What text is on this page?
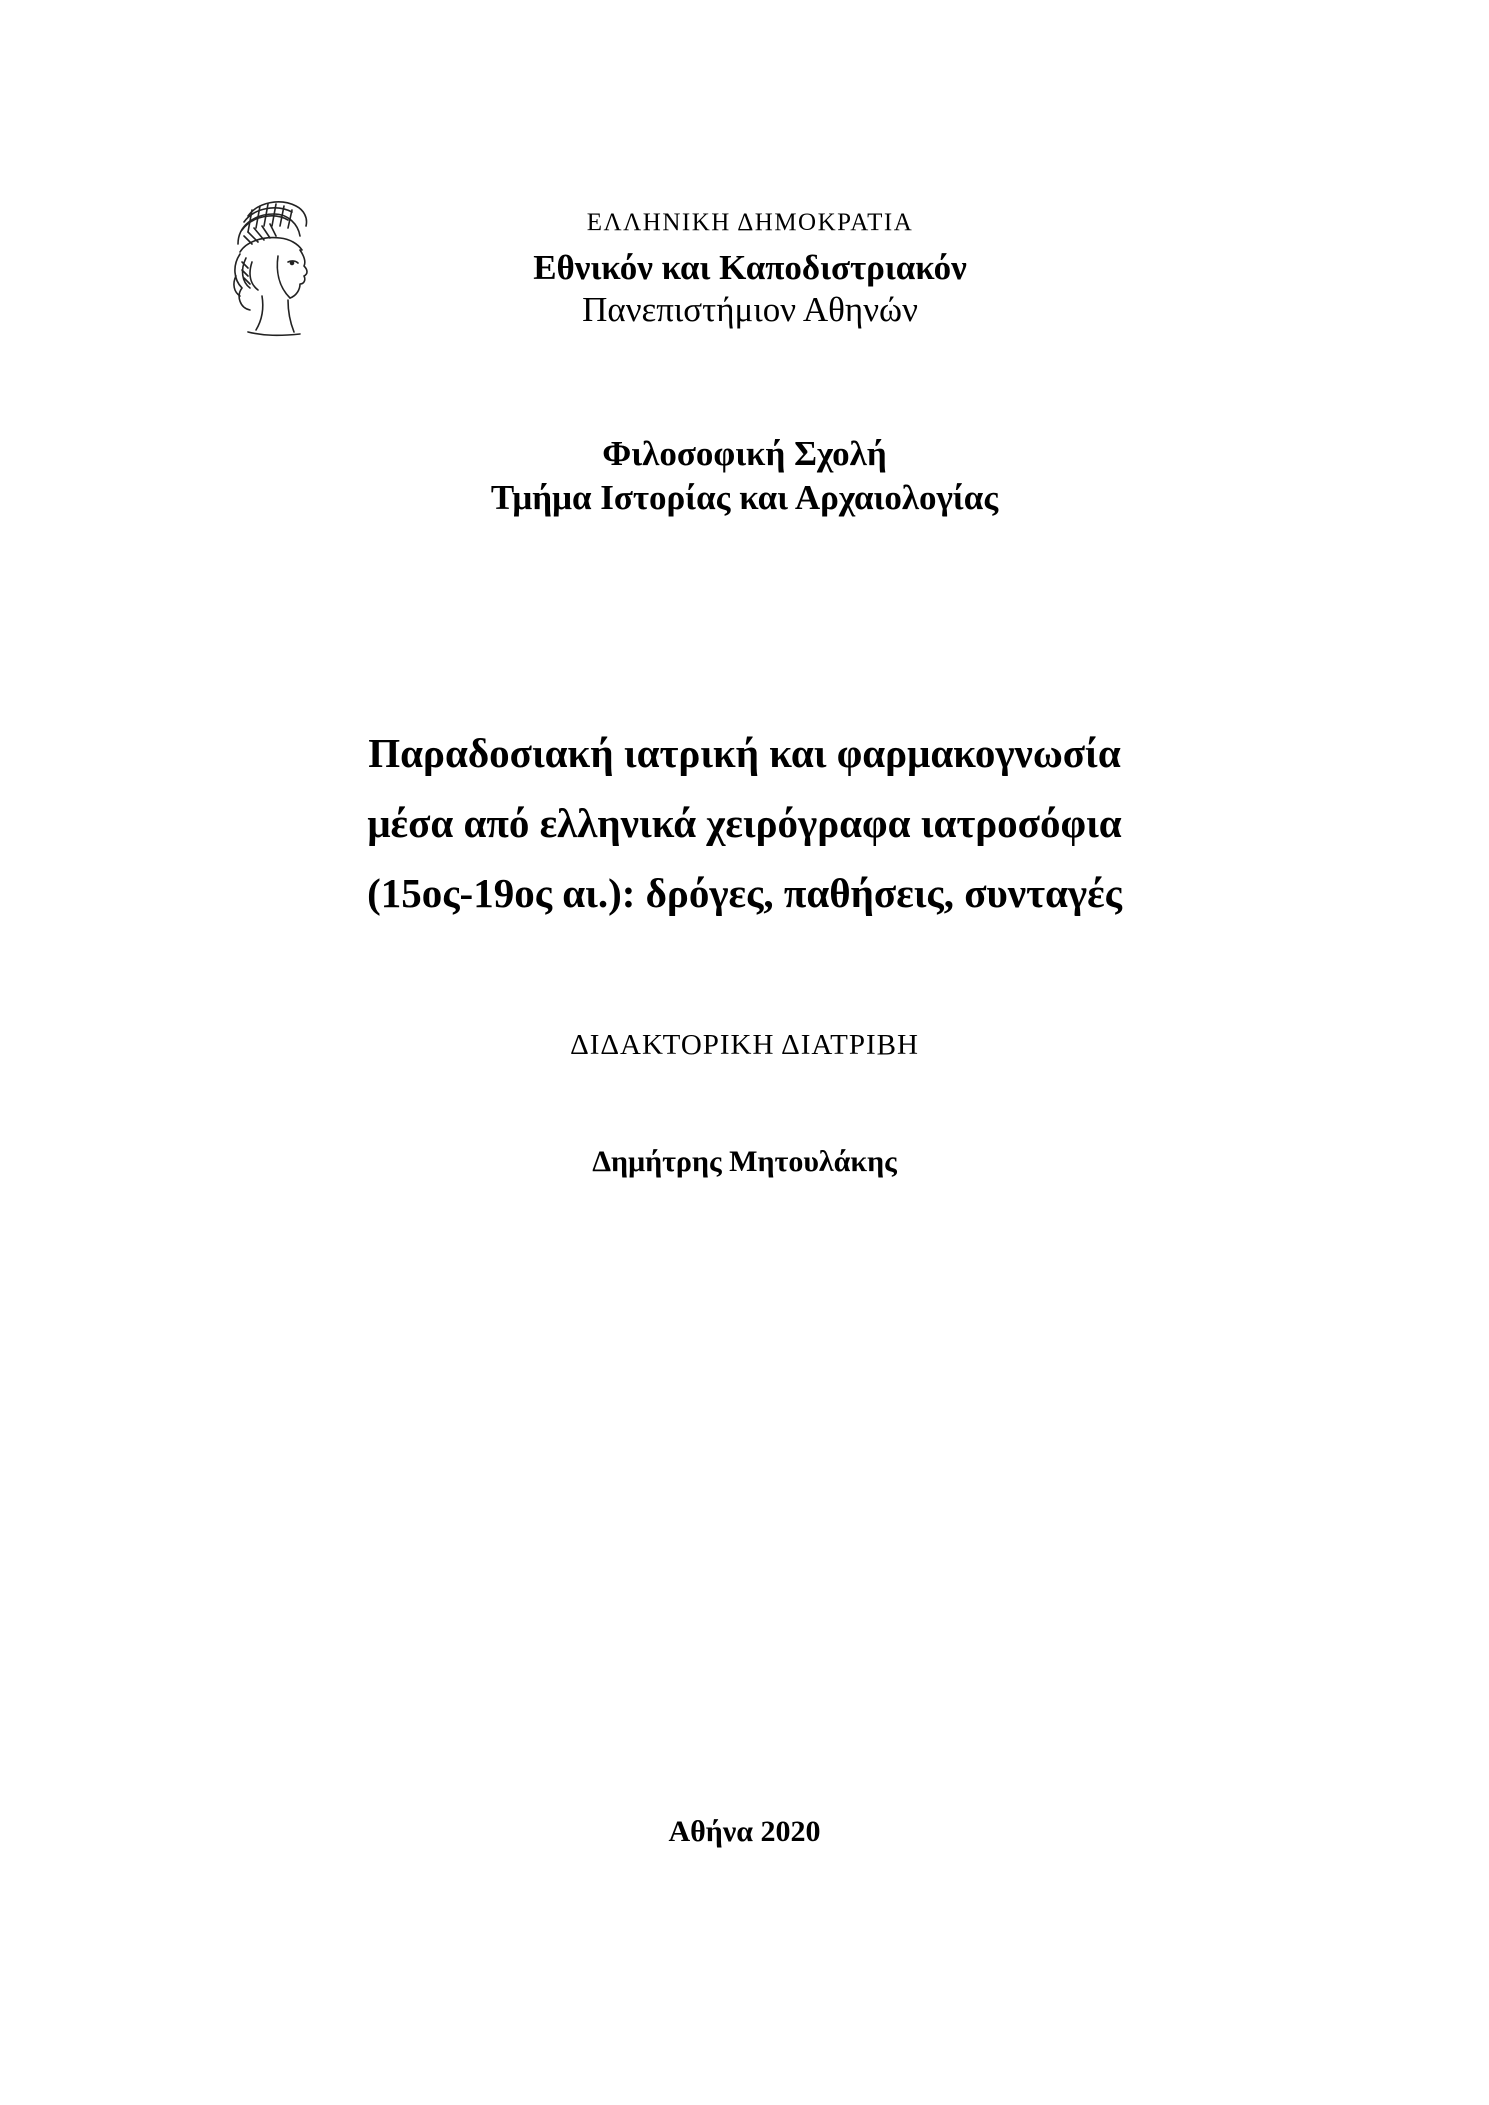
ΕΛΛΗΝΙΚΗ ΔΗΜΟΚΡΑΤΙΑ

Εθνικόν και Καποδιστριακόν

Πανεπιστήμιον Αθηνών

Φιλοσοφική Σχολή
Τμήμα Ιστορίας και Αρχαιολογίας
Παραδοσιακή ιατρική και φαρμακογνωσία
μέσα από ελληνικά χειρόγραφα ιατροσόφια
(15ος-19ος αι.): δρόγες, παθήσεις, συνταγές
ΔΙΔΑΚΤΟΡΙΚΗ ΔΙΑΤΡΙΒΗ
Δημήτρης Μητουλάκης
Αθήνα 2020
